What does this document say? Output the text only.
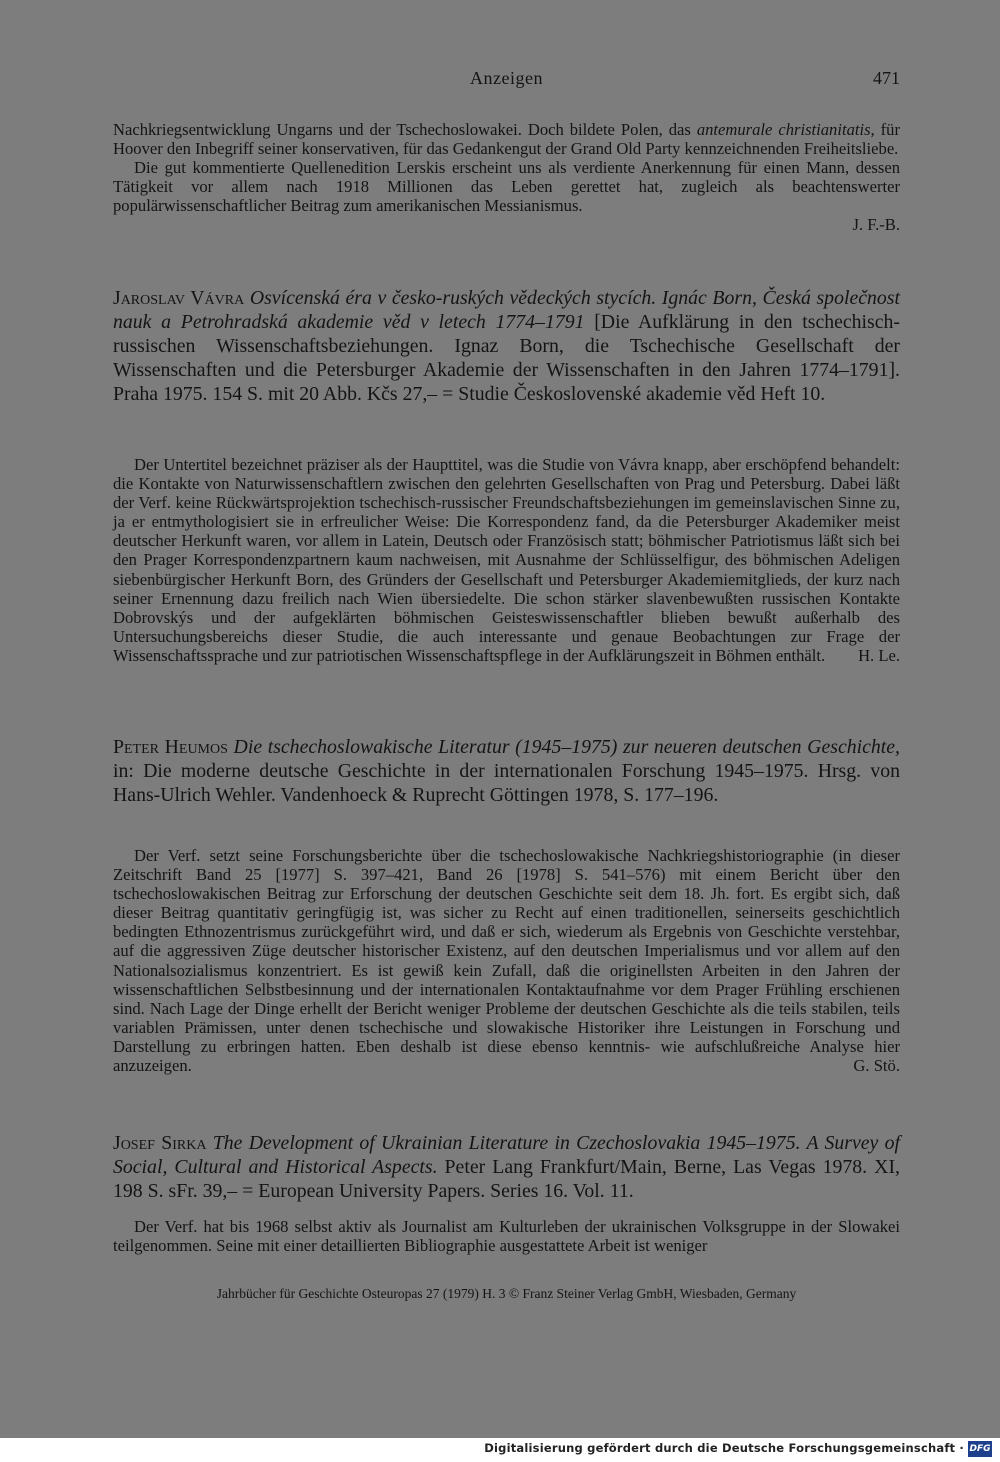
Anzeigen	471

Nachkriegsentwicklung Ungarns und der Tschechoslowakei. Doch bildete Polen, das antemurale christianitatis, für Hoover den Inbegriff seiner konservativen, für das Gedankengut der Grand Old Party kennzeichnenden Freiheitsliebe.

Die gut kommentierte Quellenedition Lerskis erscheint uns als verdiente Anerkennung für einen Mann, dessen Tätigkeit vor allem nach 1918 Millionen das Leben gerettet hat, zugleich als beachtenswerter populärwissenschaftlicher Beitrag zum amerikanischen Messianismus.

J. F.-B.

Jaroslav Vávra Osvícenská éra v česko-ruských vědeckých stycích. Ignác Born, Česká společnost nauk a Petrohradská akademie věd v letech 1774–1791 [Die Aufklärung in den tschechisch-russischen Wissenschaftsbeziehungen. Ignaz Born, die Tschechische Gesellschaft der Wissenschaften und die Petersburger Akademie der Wissenschaften in den Jahren 1774–1791]. Praha 1975. 154 S. mit 20 Abb. Kčs 27,– = Studie Československé akademie věd Heft 10.

Der Untertitel bezeichnet präziser als der Haupttitel, was die Studie von Vávra knapp, aber erschöpfend behandelt: die Kontakte von Naturwissenschaftlern zwischen den gelehrten Gesellschaften von Prag und Petersburg. Dabei läßt der Verf. keine Rückwärtsprojektion tschechisch-russischer Freundschaftsbeziehungen im gemeinslavischen Sinne zu, ja er entmythologisiert sie in erfreulicher Weise: Die Korrespondenz fand, da die Petersburger Akademiker meist deutscher Herkunft waren, vor allem in Latein, Deutsch oder Französisch statt; böhmischer Patriotismus läßt sich bei den Prager Korrespondenzpartnern kaum nachweisen, mit Ausnahme der Schlüsselfigur, des böhmischen Adeligen siebenbürgischer Herkunft Born, des Gründers der Gesellschaft und Petersburger Akademiemitglieds, der kurz nach seiner Ernennung dazu freilich nach Wien übersiedelte. Die schon stärker slavenbewußten russischen Kontakte Dobrovskýs und der aufgeklärten böhmischen Geisteswissenschaftler blieben bewußt außerhalb des Untersuchungsbereichs dieser Studie, die auch interessante und genaue Beobachtungen zur Frage der Wissenschaftssprache und zur patriotischen Wissenschaftspflege in der Aufklärungszeit in Böhmen enthält.	H. Le.

Peter Heumos Die tschechoslowakische Literatur (1945–1975) zur neueren deutschen Geschichte, in: Die moderne deutsche Geschichte in der internationalen Forschung 1945–1975. Hrsg. von Hans-Ulrich Wehler. Vandenhoeck & Ruprecht Göttingen 1978, S. 177–196.

Der Verf. setzt seine Forschungsberichte über die tschechoslowakische Nachkriegshistoriographie (in dieser Zeitschrift Band 25 [1977] S. 397–421, Band 26 [1978] S. 541–576) mit einem Bericht über den tschechoslowakischen Beitrag zur Erforschung der deutschen Geschichte seit dem 18. Jh. fort. Es ergibt sich, daß dieser Beitrag quantitativ geringfügig ist, was sicher zu Recht auf einen traditionellen, seinerseits geschichtlich bedingten Ethnozentrismus zurückgeführt wird, und daß er sich, wiederum als Ergebnis von Geschichte verstehbar, auf die aggressiven Züge deutscher historischer Existenz, auf den deutschen Imperialismus und vor allem auf den Nationalsozialismus konzentriert. Es ist gewiß kein Zufall, daß die originellsten Arbeiten in den Jahren der wissenschaftlichen Selbstbesinnung und der internationalen Kontaktaufnahme vor dem Prager Frühling erschienen sind. Nach Lage der Dinge erhellt der Bericht weniger Probleme der deutschen Geschichte als die teils stabilen, teils variablen Prämissen, unter denen tschechische und slowakische Historiker ihre Leistungen in Forschung und Darstellung zu erbringen hatten. Eben deshalb ist diese ebenso kenntnis- wie aufschlußreiche Analyse hier anzuzeigen.	G. Stö.

Josef Sirka The Development of Ukrainian Literature in Czechoslovakia 1945–1975. A Survey of Social, Cultural and Historical Aspects. Peter Lang Frankfurt/Main, Berne, Las Vegas 1978. XI, 198 S. sFr. 39,– = European University Papers. Series 16. Vol. 11.

Der Verf. hat bis 1968 selbst aktiv als Journalist am Kulturleben der ukrainischen Volksgruppe in der Slowakei teilgenommen. Seine mit einer detaillierten Bibliographie ausgestattete Arbeit ist weniger

Jahrbücher für Geschichte Osteuropas 27 (1979) H. 3 © Franz Steiner Verlag GmbH, Wiesbaden, Germany
Digitalisierung gefördert durch die Deutsche Forschungsgemeinschaft · DFG
